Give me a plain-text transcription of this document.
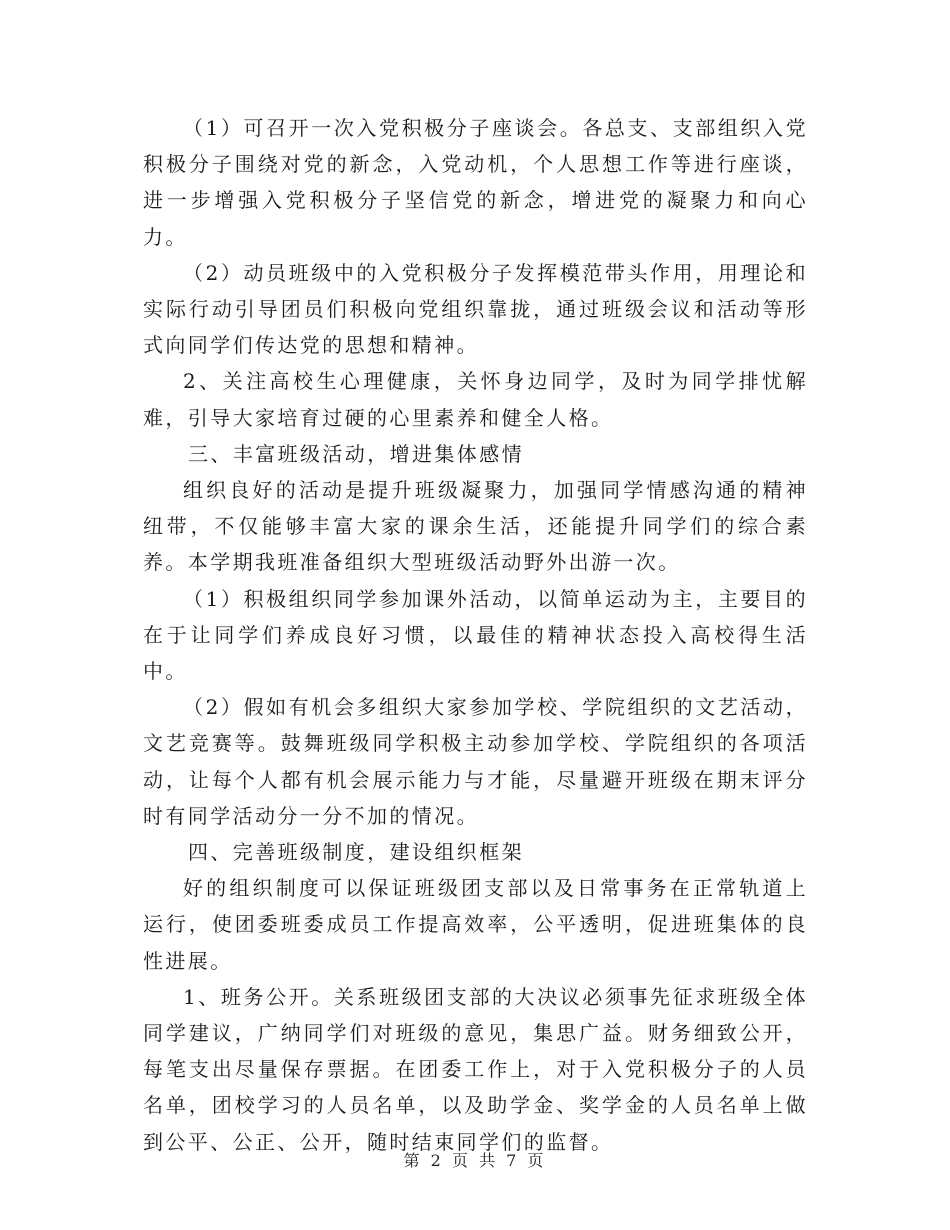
（1）可召开一次入党积极分子座谈会。各总支、支部组织入党积极分子围绕对党的新念，入党动机，个人思想工作等进行座谈，进一步增强入党积极分子坚信党的新念，增进党的凝聚力和向心力。

（2）动员班级中的入党积极分子发挥模范带头作用，用理论和实际行动引导团员们积极向党组织靠拢，通过班级会议和活动等形式向同学们传达党的思想和精神。

2、关注高校生心理健康，关怀身边同学，及时为同学排忧解难，引导大家培育过硬的心里素养和健全人格。

三、丰富班级活动，增进集体感情

组织良好的活动是提升班级凝聚力，加强同学情感沟通的精神纽带，不仅能够丰富大家的课余生活，还能提升同学们的综合素养。本学期我班准备组织大型班级活动野外出游一次。

（1）积极组织同学参加课外活动，以简单运动为主，主要目的在于让同学们养成良好习惯，以最佳的精神状态投入高校得生活中。

（2）假如有机会多组织大家参加学校、学院组织的文艺活动，文艺竞赛等。鼓舞班级同学积极主动参加学校、学院组织的各项活动，让每个人都有机会展示能力与才能，尽量避开班级在期末评分时有同学活动分一分不加的情况。

四、完善班级制度，建设组织框架

好的组织制度可以保证班级团支部以及日常事务在正常轨道上运行，使团委班委成员工作提高效率，公平透明，促进班集体的良性进展。

1、班务公开。关系班级团支部的大决议必须事先征求班级全体同学建议，广纳同学们对班级的意见，集思广益。财务细致公开，每笔支出尽量保存票据。在团委工作上，对于入党积极分子的人员名单，团校学习的人员名单，以及助学金、奖学金的人员名单上做到公平、公正、公开，随时结束同学们的监督。

第 2 页 共 7 页
